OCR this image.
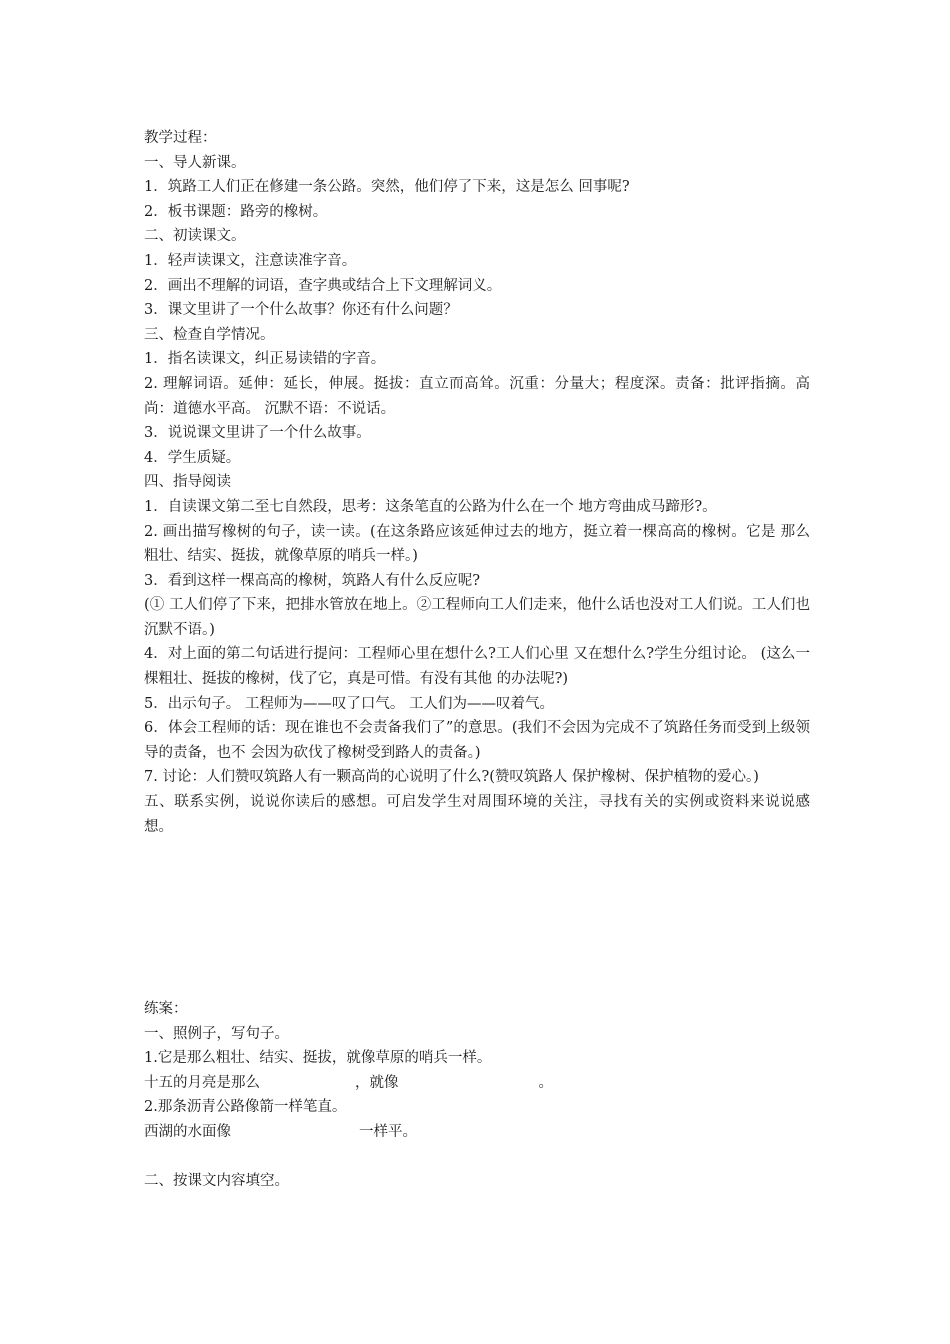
教学过程：
一、导人新课。
1．筑路工人们正在修建一条公路。突然，他们停了下来，这是怎么 回事呢?
2．板书课题：路旁的橡树。
二、初读课文。
1．轻声读课文，注意读准字音。
2．画出不理解的词语，查字典或结合上下文理解词义。
3．课文里讲了一个什么故事？你还有什么问题？
三、检查自学情况。
1．指名读课文，纠正易读错的字音。
2. 理解词语。延伸：延长，伸展。挺拔：直立而高耸。沉重：分量大；程度深。责备：批评指摘。高尚：道德水平高。 沉默不语：不说话。
3．说说课文里讲了一个什么故事。
4．学生质疑。
四、指导阅读
1．自读课文第二至七自然段，思考：这条笔直的公路为什么在一个 地方弯曲成马蹄形?。
2. 画出描写橡树的句子，读一读。(在这条路应该延伸过去的地方，挺立着一棵高高的橡树。它是 那么粗壮、结实、挺拔，就像草原的哨兵一样。)
3．看到这样一棵高高的橡树，筑路人有什么反应呢?
(① 工人们停了下来，把排水管放在地上。②工程师向工人们走来，他什么话也没对工人们说。工人们也沉默不语。)
4．对上面的第二句话进行提问：工程师心里在想什么?工人们心里 又在想什么?学生分组讨论。 (这么一棵粗壮、挺拔的橡树，伐了它，真是可惜。有没有其他 的办法呢?)
5．出示句子。 工程师为——叹了口气。 工人们为——叹着气。
6．体会工程师的话：现在谁也不会责备我们了”的意思。(我们不会因为完成不了筑路任务而受到上级领导的责备，也不 会因为砍伐了橡树受到路人的责备。)
7. 讨论：人们赞叹筑路人有一颗高尚的心说明了什么?(赞叹筑路人 保护橡树、保护植物的爱心。)
五、联系实例，说说你读后的感想。可启发学生对周围环境的关注，寻找有关的实例或资料来说说感想。
练案：
一、照例子，写句子。
1.它是那么粗壮、结实、挺拔，就像草原的哨兵一样。
十五的月亮是那么	，就像	。
2.那条沥青公路像箭一样笔直。
西湖的水面像	一样平。
二、按课文内容填空。
